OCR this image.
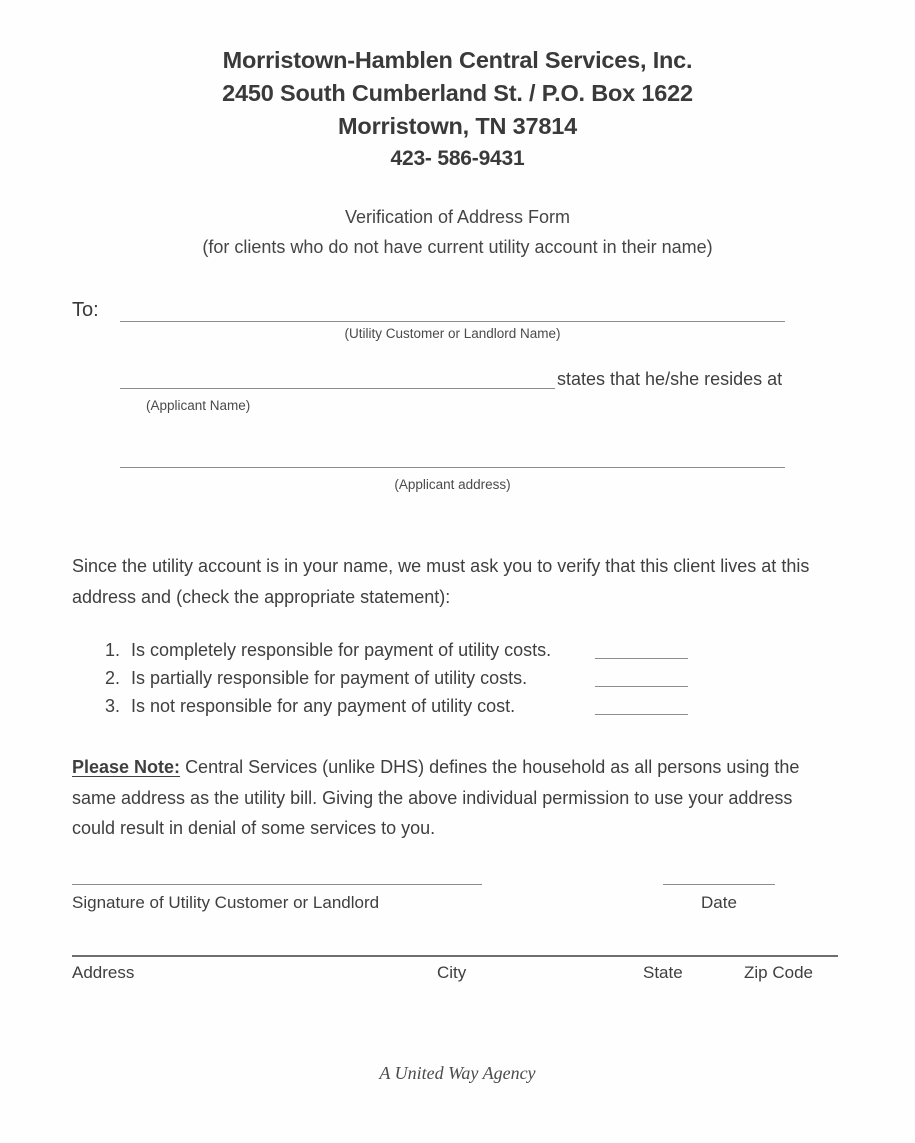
Morristown-Hamblen Central Services, Inc.
2450 South Cumberland St. / P.O. Box 1622
Morristown, TN 37814
423- 586-9431
Verification of Address Form
(for clients who do not have current utility account in their name)
To:
(Utility Customer or Landlord Name)
states that he/she resides at
(Applicant Name)
(Applicant address)
Since the utility account is in your name, we must ask you to verify that this client lives at this address and (check the appropriate statement):
1. Is completely responsible for payment of utility costs.
2. Is partially responsible for payment of utility costs.
3. Is not responsible for any payment of utility cost.
Please Note: Central Services (unlike DHS) defines the household as all persons using the same address as the utility bill. Giving the above individual permission to use your address could result in denial of some services to you.
Signature of Utility Customer or Landlord	Date
Address	City	State	Zip Code
A United Way Agency
